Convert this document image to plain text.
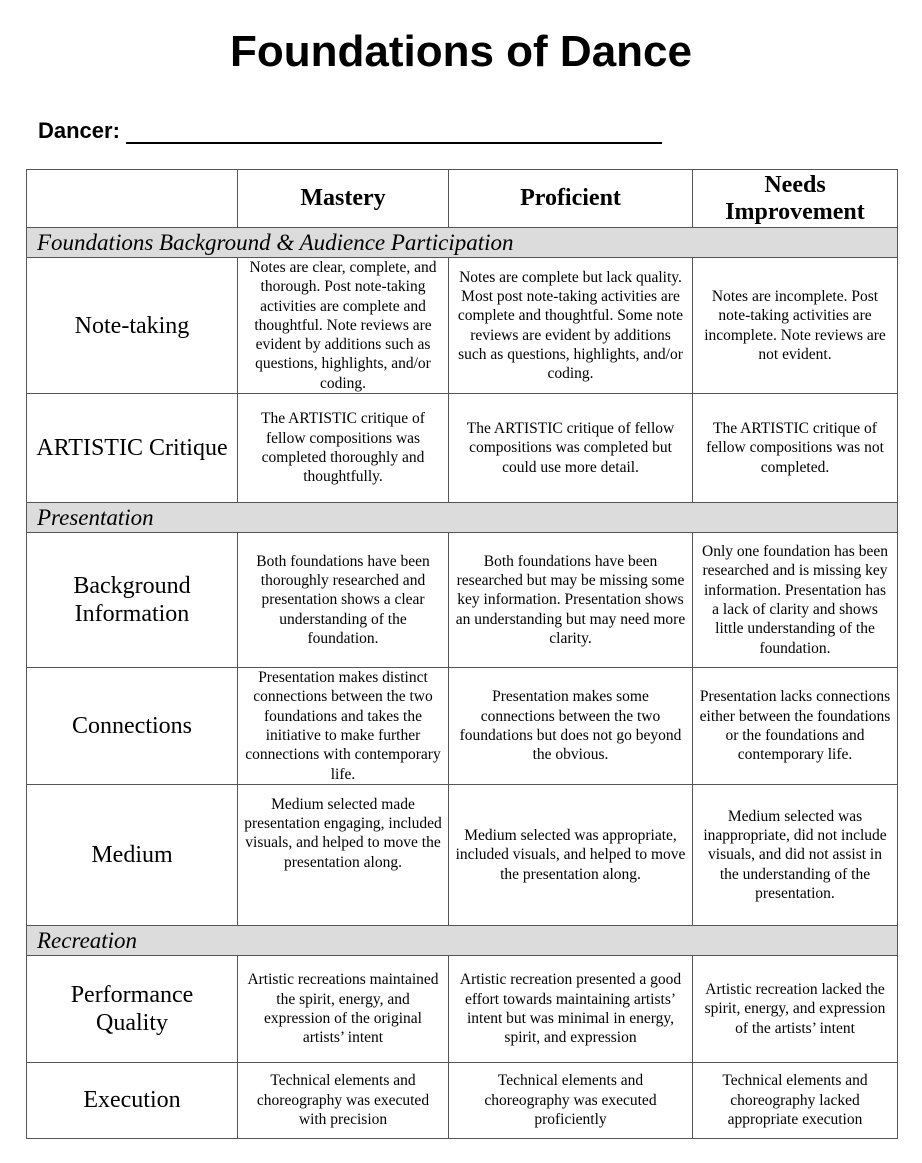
Foundations of Dance
Dancer:
	Mastery	Proficient	Needs Improvement
Foundations Background & Audience Participation			
Note-taking	Notes are clear, complete, and thorough. Post note-taking activities are complete and thoughtful. Note reviews are evident by additions such as questions, highlights, and/or coding.	Notes are complete but lack quality. Most post note-taking activities are complete and thoughtful. Some note reviews are evident by additions such as questions, highlights, and/or coding.	Notes are incomplete. Post note-taking activities are incomplete. Note reviews are not evident.
ARTISTIC Critique	The ARTISTIC critique of fellow compositions was completed thoroughly and thoughtfully.	The ARTISTIC critique of fellow compositions was completed but could use more detail.	The ARTISTIC critique of fellow compositions was not completed.
Presentation			
Background Information	Both foundations have been thoroughly researched and presentation shows a clear understanding of the foundation.	Both foundations have been researched but may be missing some key information. Presentation shows an understanding but may need more clarity.	Only one foundation has been researched and is missing key information. Presentation has a lack of clarity and shows little understanding of the foundation.
Connections	Presentation makes distinct connections between the two foundations and takes the initiative to make further connections with contemporary life.	Presentation makes some connections between the two foundations but does not go beyond the obvious.	Presentation lacks connections either between the foundations or the foundations and contemporary life.
Medium	Medium selected made presentation engaging, included visuals, and helped to move the presentation along.	Medium selected was appropriate, included visuals, and helped to move the presentation along.	Medium selected was inappropriate, did not include visuals, and did not assist in the understanding of the presentation.
Recreation			
Performance Quality	Artistic recreations maintained the spirit, energy, and expression of the original artists’ intent	Artistic recreation presented a good effort towards maintaining artists’ intent but was minimal in energy, spirit, and expression	Artistic recreation lacked the spirit, energy, and expression of the artists’ intent
Execution	Technical elements and choreography was executed with precision	Technical elements and choreography was executed proficiently	Technical elements and choreography lacked appropriate execution
